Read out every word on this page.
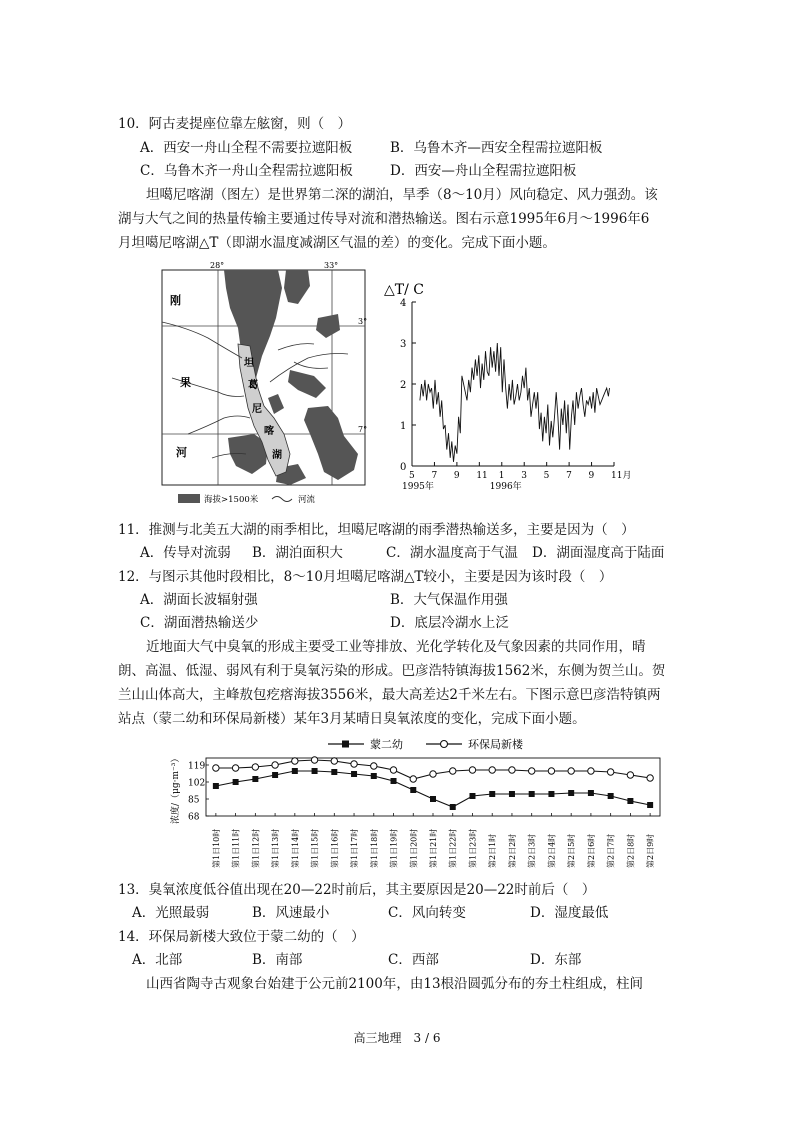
10．阿古麦提座位靠左舷窗，则（　）
A．西安一舟山全程不需要拉遮阳板	B．乌鲁木齐—西安全程需拉遮阳板
C．乌鲁木齐一舟山全程需拉遮阳板	D．西安—舟山全程需拉遮阳板
坦噶尼喀湖（图左）是世界第二深的湖泊，旱季（8～10月）风向稳定、风力强劲。该
湖与大气之间的热量传输主要通过传导对流和潜热输送。图右示意1995年6月～1996年6
月坦噶尼喀湖△T（即湖水温度减湖区气温的差）的变化。完成下面小题。
28°	33°
3°
7°
刚
果
河
坦
葛
尼
喀
湖
海拔>1500米	河流
△T/ C
0
1
2
3
4
5 7 9 11 1 3 5 7 9 11月
1995年	1996年
11．推测与北美五大湖的雨季相比，坦噶尼喀湖的雨季潜热输送多，主要是因为（　）
A．传导对流弱 B．湖泊面积大	C．湖水温度高于气温 D．湖面湿度高于陆面
12．与图示其他时段相比，8～10月坦噶尼喀湖△T较小，主要是因为该时段（　）
A．湖面长波辐射强	B．大气保温作用强
C．湖面潜热输送少	D．底层冷湖水上泛
近地面大气中臭氧的形成主要受工业等排放、光化学转化及气象因素的共同作用，晴
朗、高温、低湿、弱风有利于臭氧污染的形成。巴彦浩特镇海拔1562米，东侧为贺兰山。贺
兰山山体高大，主峰敖包疙瘩海拔3556米，最大高差达2千米左右。下图示意巴彦浩特镇两
站点（蒙二幼和环保局新楼）某年3月某晴日臭氧浓度的变化，完成下面小题。
蒙二幼	环保局新楼
浓度/（μg·m⁻³） 68
85
102
119
第1日10时 第1日11时 第1日12时 第1日13时 第1日14时 第1日15时 第1日16时 第1日17时 第1日18时 第1日19时 第1日20时 第1日21时 第1日22时 第1日23时 第2日1时 第2日2时 第2日3时 第2日4时 第2日5时 第2日6时 第2日7时 第2日8时 第2日9时
13．臭氧浓度低谷值出现在20—22时前后，其主要原因是20—22时前后（　）
A．光照最弱	B．风速最小	C．风向转变	D．湿度最低
14．环保局新楼大致位于蒙二幼的（　）
A．北部	B．南部	C．西部	D．东部
山西省陶寺古观象台始建于公元前2100年，由13根沿圆弧分布的夯土柱组成，柱间
高三地理　3 / 6
